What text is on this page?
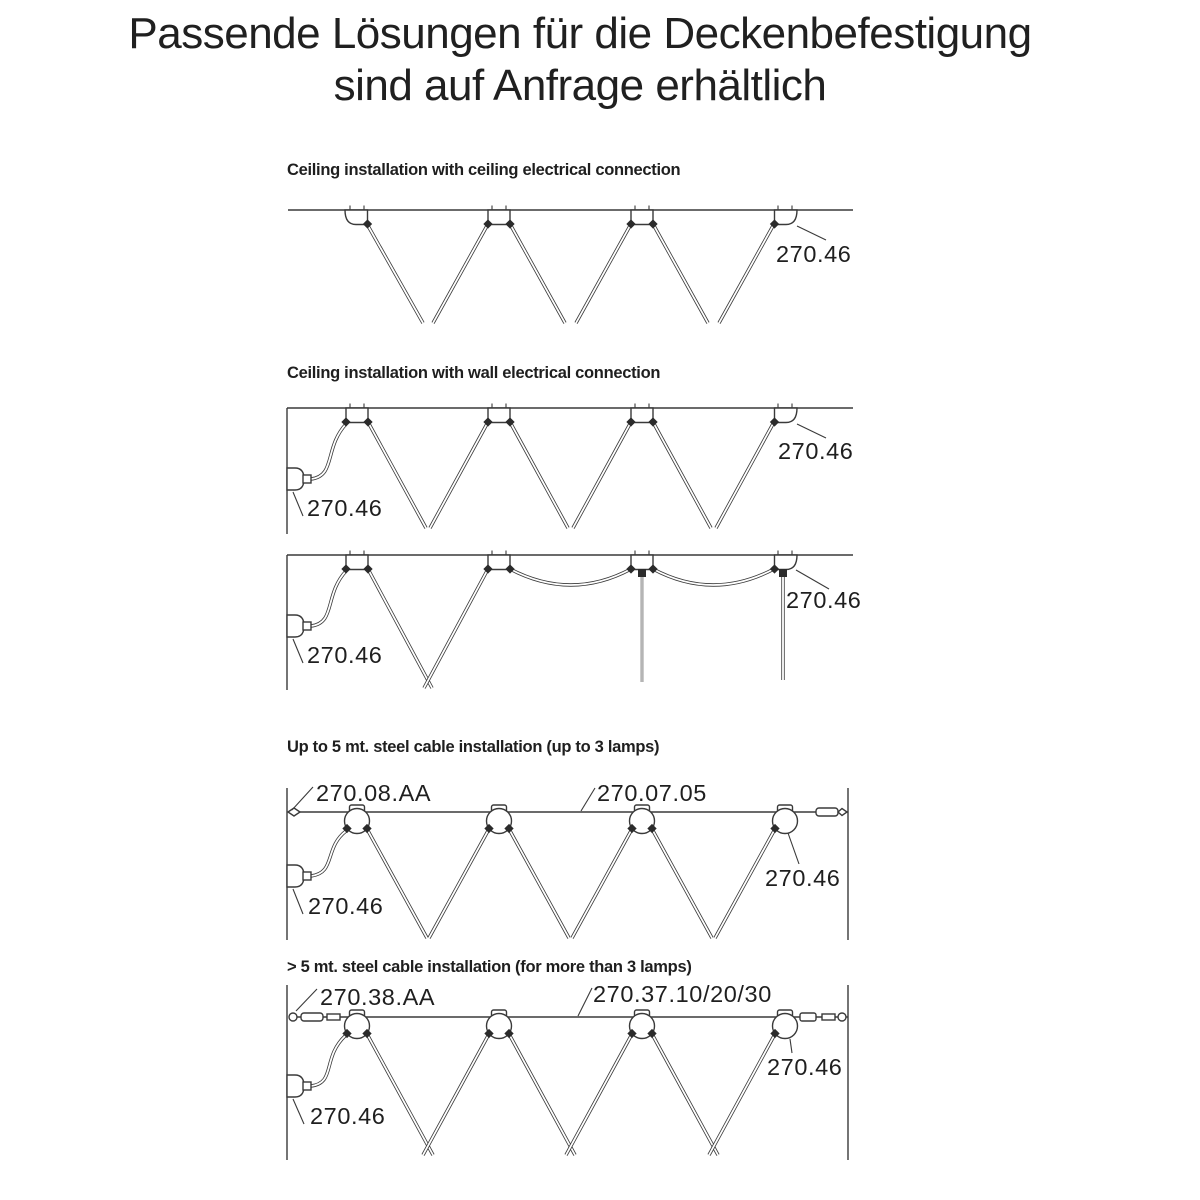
Passende Lösungen für die Deckenbefestigung
sind auf Anfrage erhältlich
Ceiling installation with ceiling electrical connection
Ceiling installation with wall electrical connection
Up to 5 mt. steel cable installation (up to 3 lamps)
> 5 mt. steel cable installation (for more than 3 lamps)
270.46
270.46
270.46
270.46
270.46
270.08.AA	270.07.05
270.46
270.46
270.38.AA	270.37.10/20/30
270.46
270.46
